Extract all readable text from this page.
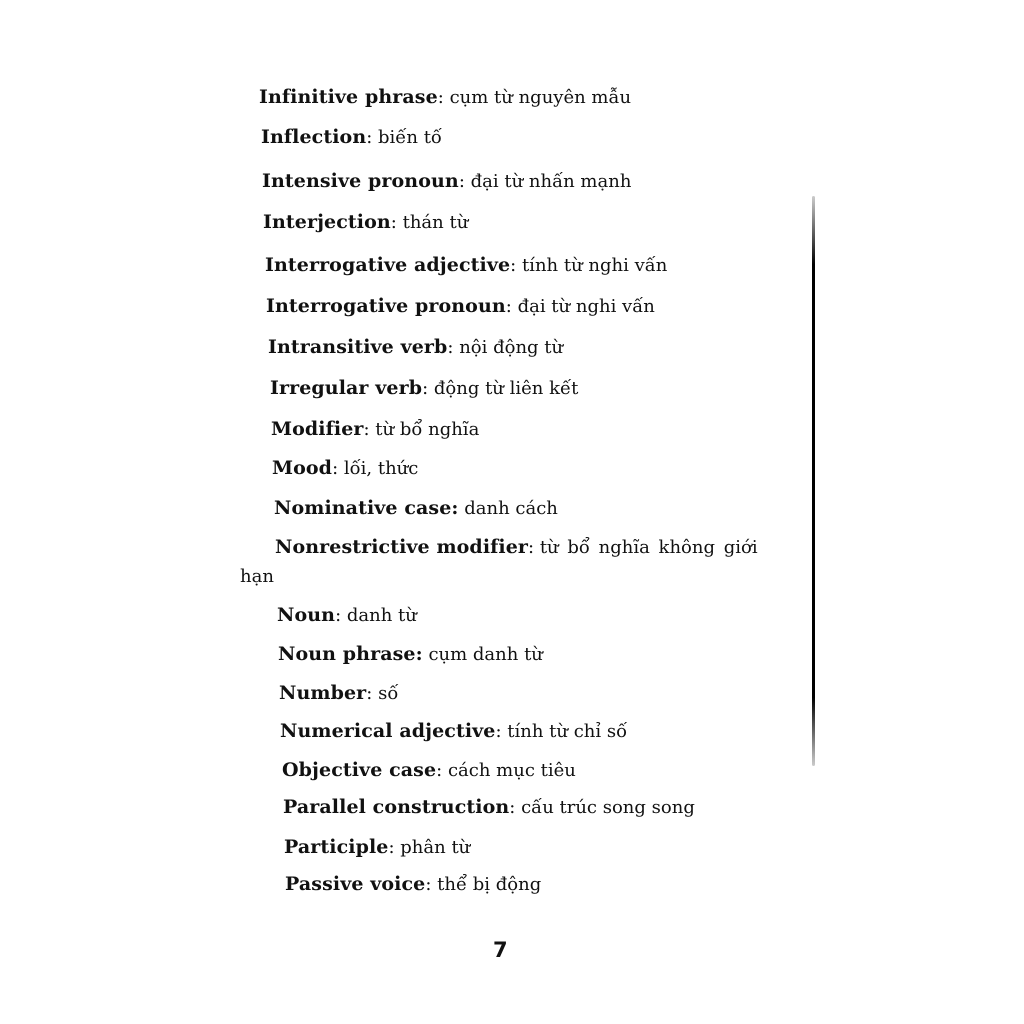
Infinitive phrase: cụm từ nguyên mẫu
Inflection: biến tố
Intensive pronoun: đại từ nhấn mạnh
Interjection: thán từ
Interrogative adjective: tính từ nghi vấn
Interrogative pronoun: đại từ nghi vấn
Intransitive verb: nội động từ
Irregular verb: động từ liên kết
Modifier: từ bổ nghĩa
Mood: lối, thức
Nominative case: danh cách
Nonrestrictive modifier: từ bổ nghĩa không giới
hạn
Noun: danh từ
Noun phrase: cụm danh từ
Number: số
Numerical adjective: tính từ chỉ số
Objective case: cách mục tiêu
Parallel construction: cấu trúc song song
Participle: phân từ
Passive voice: thể bị động
7
